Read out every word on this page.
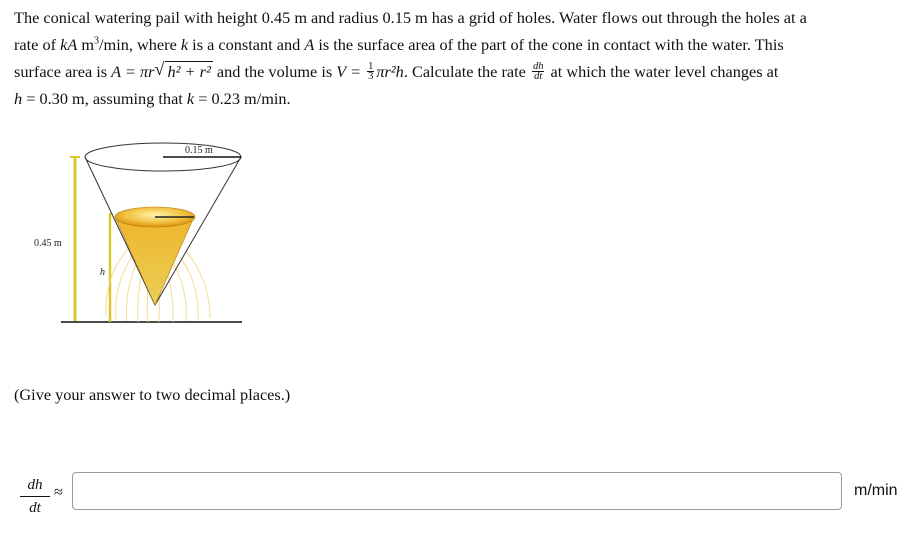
The conical watering pail with height 0.45 m and radius 0.15 m has a grid of holes. Water flows out through the holes at a
rate of kA $m^3/\min$, where k is a constant and A is the surface area of the part of the cone in contact with the water. This
surface area is A = πr √ h² + r² and the volume is $V = \frac{1}{3} \pi r^2h$. Calculate the rate $\frac{dh}{dt}$ at which the water level changes at
h = 0.30 m, assuming that k = 0.23 m/min.
0.45 m
h
0.15 m
(Give your answer to two decimal places.)
$\frac{dh}{dt}$ ≈	m/min
